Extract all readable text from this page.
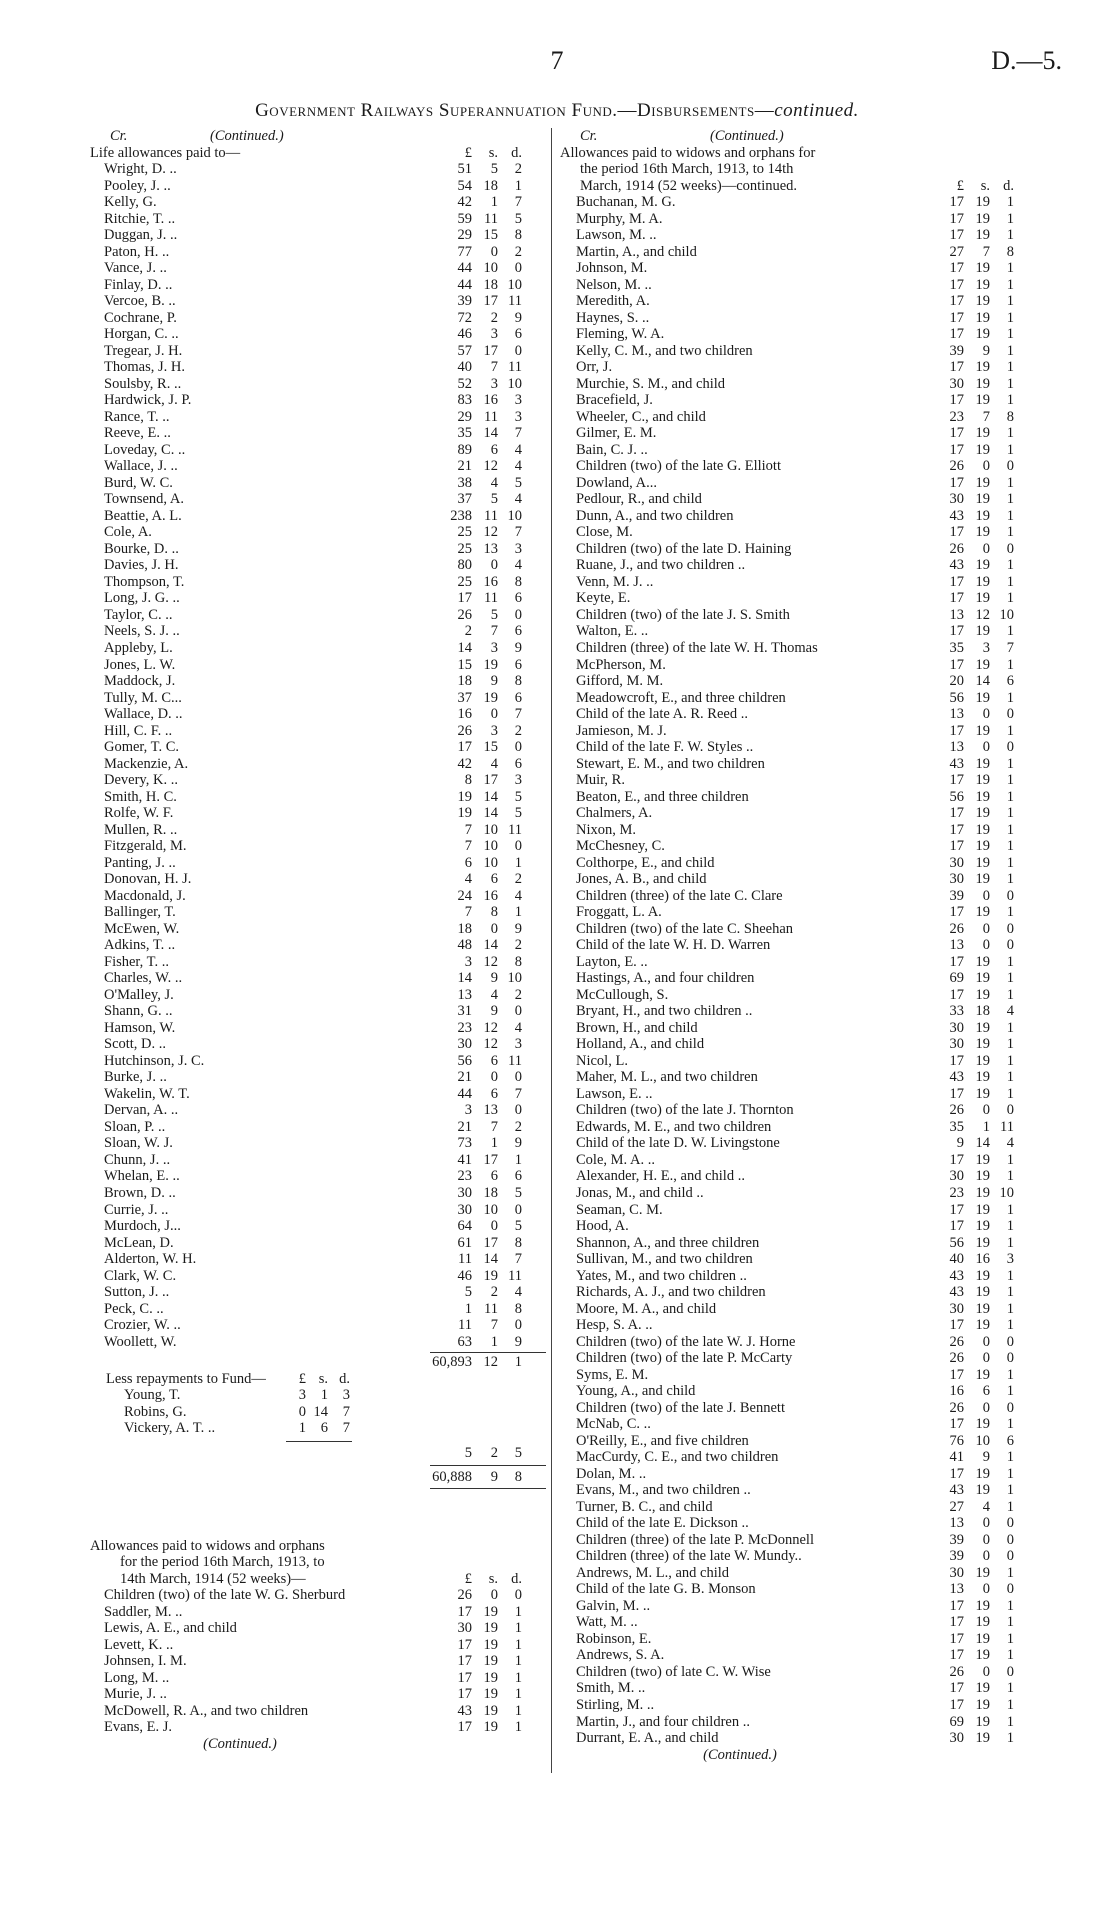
7	D.—5.
Government Railways Superannuation Fund.—Disbursements—continued.
Cr.	(Continued.)
Life allowances paid to—	£	s. d.
Wright, D. ..	51	5	2
Pooley, J. ..	54 18	1
Kelly, G.	42	1	7
Ritchie, T. ..	59 11	5
Duggan, J. ..	29 15	8
Paton, H. ..	77	0	2
Vance, J. ..	44 10	0
Finlay, D. ..	44 18 10
Vercoe, B. ..	39 17 11
Cochrane, P.	72	2	9
Horgan, C. ..	46	3	6
Tregear, J. H.	57 17	0
Thomas, J. H.	40	7 11
Soulsby, R. ..	52	3 10
Hardwick, J. P.	83 16	3
Rance, T. ..	29 11	3
Reeve, E. ..	35 14	7
Loveday, C. ..	89	6	4
Wallace, J. ..	21 12	4
Burd, W. C.	38	4	5
Townsend, A.	37	5	4
Beattie, A. L.	238 11 10
Cole, A.	25 12	7
Bourke, D. ..	25 13	3
Davies, J. H.	80	0	4
Thompson, T.	25 16	8
Long, J. G. ..	17 11	6
Taylor, C. ..	26	5	0
Neels, S. J. ..	2	7	6
Appleby, L.	14	3	9
Jones, L. W.	15 19	6
Maddock, J.	18	9	8
Tully, M. C...	37 19	6
Wallace, D. ..	16	0	7
Hill, C. F. ..	26	3	2
Gomer, T. C.	17 15	0
Mackenzie, A.	42	4	6
Devery, K. ..	8 17	3
Smith, H. C.	19 14	5
Rolfe, W. F.	19 14	5
Mullen, R. ..	7 10 11
Fitzgerald, M.	7 10	0
Panting, J. ..	6 10	1
Donovan, H. J.	4	6	2
Macdonald, J.	24 16	4
Ballinger, T.	7	8	1
McEwen, W.	18	0	9
Adkins, T. ..	48 14	2
Fisher, T. ..	3 12	8
Charles, W. ..	14	9 10
O'Malley, J.	13	4	2
Shann, G. ..	31	9	0
Hamson, W.	23 12	4
Scott, D. ..	30 12	3
Hutchinson, J. C.	56	6 11
Burke, J. ..	21	0	0
Wakelin, W. T.	44	6	7
Dervan, A. ..	3 13	0
Sloan, P. ..	21	7	2
Sloan, W. J.	73	1	9
Chunn, J. ..	41 17	1
Whelan, E. ..	23	6	6
Brown, D. ..	30 18	5
Currie, J. ..	30 10	0
Murdoch, J...	64	0	5
McLean, D.	61 17	8
Alderton, W. H.	11 14	7
Clark, W. C.	46 19 11
Sutton, J. ..	5	2	4
Peck, C. ..	1 11	8
Crozier, W. ..	11	7	0
Woollett, W.	63	1	9
60,893 12	1
Less repayments to Fund—	£ s. d.
Young, T.	3	1	3
Robins, G.	0 14	7
Vickery, A. T. ..	1	6	7
5	2	5
60,888	9	8
Allowances paid to widows and orphans
for the period 16th March, 1913, to
14th March, 1914 (52 weeks)—	£	s. d.
Children (two) of the late W. G. Sherburd	26	0	0
Saddler, M. ..	17 19	1
Lewis, A. E., and child	30 19	1
Levett, K. ..	17 19	1
Johnsen, I. M.	17 19	1
Long, M. ..	17 19	1
Murie, J. ..	17 19	1
McDowell, R. A., and two children	43 19	1
Evans, E. J.	17 19	1
(Continued.)
Cr.	(Continued.)
Allowances paid to widows and orphans for
the period 16th March, 1913, to 14th
March, 1914 (52 weeks)—continued.	£	s. d.
Buchanan, M. G.	17 19	1
Murphy, M. A.	17 19	1
Lawson, M. ..	17 19	1
Martin, A., and child	27	7	8
Johnson, M.	17 19	1
Nelson, M. ..	17 19	1
Meredith, A.	17 19	1
Haynes, S. ..	17 19	1
Fleming, W. A.	17 19	1
Kelly, C. M., and two children	39	9	1
Orr, J.	17 19	1
Murchie, S. M., and child	30 19	1
Bracefield, J.	17 19	1
Wheeler, C., and child	23	7	8
Gilmer, E. M.	17 19	1
Bain, C. J. ..	17 19	1
Children (two) of the late G. Elliott	26	0	0
Dowland, A...	17 19	1
Pedlour, R., and child	30 19	1
Dunn, A., and two children	43 19	1
Close, M.	17 19	1
Children (two) of the late D. Haining	26	0	0
Ruane, J., and two children ..	43 19	1
Venn, M. J. ..	17 19	1
Keyte, E.	17 19	1
Children (two) of the late J. S. Smith	13 12 10
Walton, E. ..	17 19	1
Children (three) of the late W. H. Thomas	35	3	7
McPherson, M.	17 19	1
Gifford, M. M.	20 14	6
Meadowcroft, E., and three children	56 19	1
Child of the late A. R. Reed ..	13	0	0
Jamieson, M. J.	17 19	1
Child of the late F. W. Styles ..	13	0	0
Stewart, E. M., and two children	43 19	1
Muir, R.	17 19	1
Beaton, E., and three children	56 19	1
Chalmers, A.	17 19	1
Nixon, M.	17 19	1
McChesney, C.	17 19	1
Colthorpe, E., and child	30 19	1
Jones, A. B., and child	30 19	1
Children (three) of the late C. Clare	39	0	0
Froggatt, L. A.	17 19	1
Children (two) of the late C. Sheehan	26	0	0
Child of the late W. H. D. Warren	13	0	0
Layton, E. ..	17 19	1
Hastings, A., and four children	69 19	1
McCullough, S.	17 19	1
Bryant, H., and two children ..	33 18	4
Brown, H., and child	30 19	1
Holland, A., and child	30 19	1
Nicol, L.	17 19	1
Maher, M. L., and two children	43 19	1
Lawson, E. ..	17 19	1
Children (two) of the late J. Thornton	26	0	0
Edwards, M. E., and two children	35	1 11
Child of the late D. W. Livingstone	9 14	4
Cole, M. A. ..	17 19	1
Alexander, H. E., and child ..	30 19	1
Jonas, M., and child ..	23 19 10
Seaman, C. M.	17 19	1
Hood, A.	17 19	1
Shannon, A., and three children	56 19	1
Sullivan, M., and two children	40 16	3
Yates, M., and two children ..	43 19	1
Richards, A. J., and two children	43 19	1
Moore, M. A., and child	30 19	1
Hesp, S. A. ..	17 19	1
Children (two) of the late W. J. Horne	26	0	0
Children (two) of the late P. McCarty	26	0	0
Syms, E. M.	17 19	1
Young, A., and child	16	6	1
Children (two) of the late J. Bennett	26	0	0
McNab, C. ..	17 19	1
O'Reilly, E., and five children	76 10	6
MacCurdy, C. E., and two children	41	9	1
Dolan, M. ..	17 19	1
Evans, M., and two children ..	43 19	1
Turner, B. C., and child	27	4	1
Child of the late E. Dickson ..	13	0	0
Children (three) of the late P. McDonnell	39	0	0
Children (three) of the late W. Mundy..	39	0	0
Andrews, M. L., and child	30 19	1
Child of the late G. B. Monson	13	0	0
Galvin, M. ..	17 19	1
Watt, M. ..	17 19	1
Robinson, E.	17 19	1
Andrews, S. A.	17 19	1
Children (two) of late C. W. Wise	26	0	0
Smith, M. ..	17 19	1
Stirling, M. ..	17 19	1
Martin, J., and four children ..	69 19	1
Durrant, E. A., and child	30 19	1
(Continued.)
